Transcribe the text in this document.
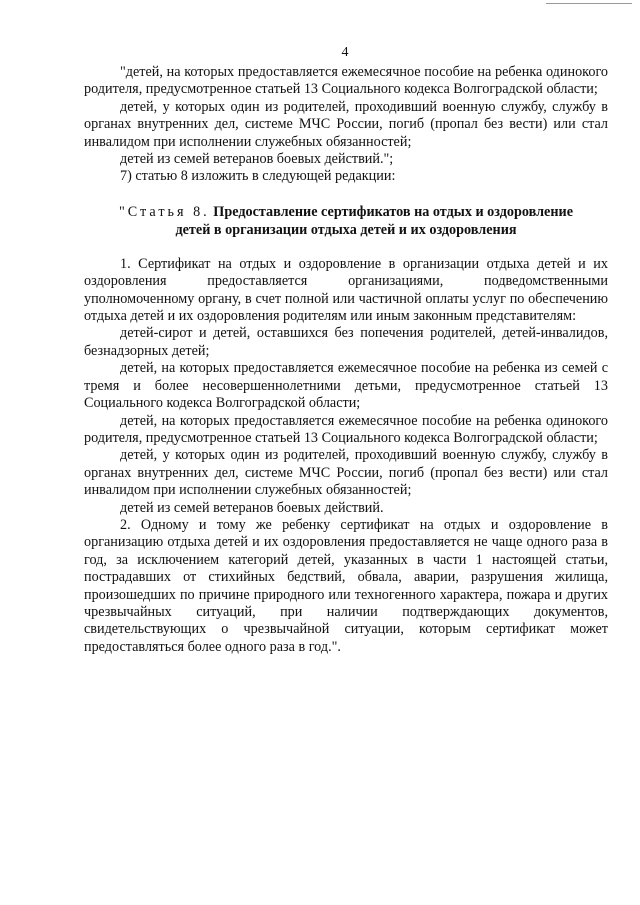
4

"детей, на которых предоставляется ежемесячное пособие на ребенка одинокого родителя, предусмотренное статьей 13 Социального кодекса Волгоградской области;

детей, у которых один из родителей, проходивший военную службу, службу в органах внутренних дел, системе МЧС России, погиб (пропал без вести) или стал инвалидом при исполнении служебных обязанностей;

детей из семей ветеранов боевых действий.";

7) статью 8 изложить в следующей редакции:

"Статья 8. Предоставление сертификатов на отдых и оздоровление
детей в организации отдыха детей и их оздоровления

1. Сертификат на отдых и оздоровление в организации отдыха детей и их оздоровления предоставляется организациями, подведомственными уполномоченному органу, в счет полной или частичной оплаты услуг по обеспечению отдыха детей и их оздоровления родителям или иным законным представителям:

детей-сирот и детей, оставшихся без попечения родителей, детей-инвалидов, безнадзорных детей;

детей, на которых предоставляется ежемесячное пособие на ребенка из семей с тремя и более несовершеннолетними детьми, предусмотренное статьей 13 Социального кодекса Волгоградской области;

детей, на которых предоставляется ежемесячное пособие на ребенка одинокого родителя, предусмотренное статьей 13 Социального кодекса Волгоградской области;

детей, у которых один из родителей, проходивший военную службу, службу в органах внутренних дел, системе МЧС России, погиб (пропал без вести) или стал инвалидом при исполнении служебных обязанностей;

детей из семей ветеранов боевых действий.

2. Одному и тому же ребенку сертификат на отдых и оздоровление в организацию отдыха детей и их оздоровления предоставляется не чаще одного раза в год, за исключением категорий детей, указанных в части 1 настоящей статьи, пострадавших от стихийных бедствий, обвала, аварии, разрушения жилища, произошедших по причине природного или техногенного характера, пожара и других чрезвычайных ситуаций, при наличии подтверждающих документов, свидетельствующих о чрезвычайной ситуации, которым сертификат может предоставляться более одного раза в год.".
